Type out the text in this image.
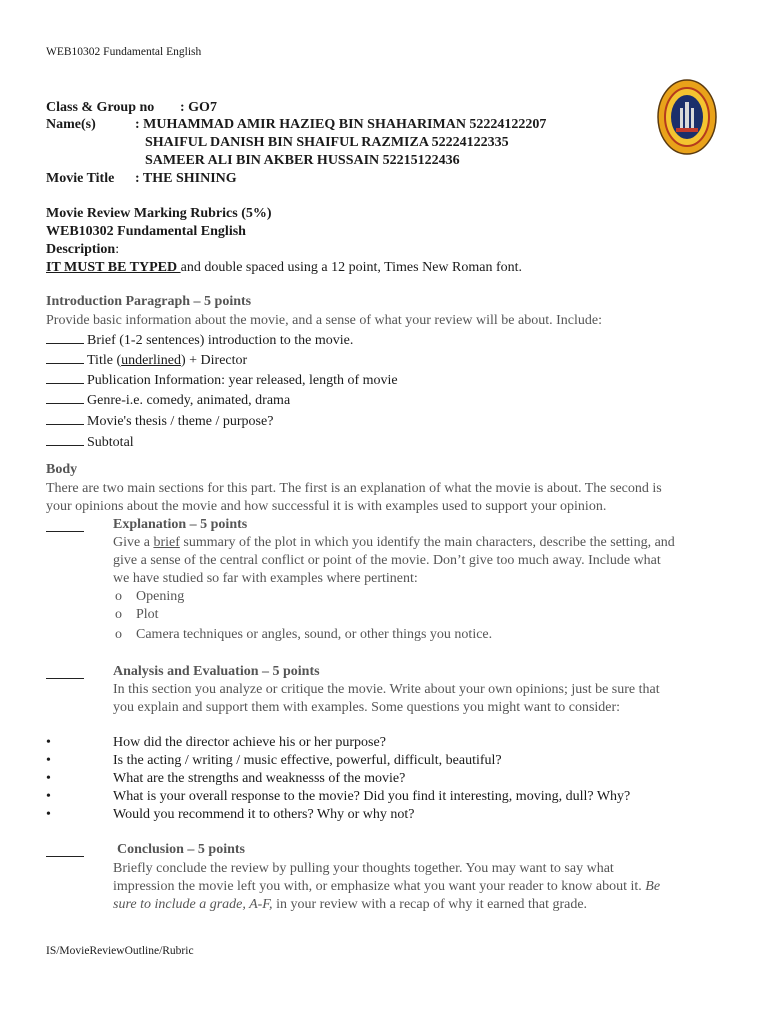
WEB10302 Fundamental English
Class & Group no : GO7
Name(s)	: MUHAMMAD AMIR HAZIEQ BIN SHAHARIMAN 52224122207
SHAIFUL DANISH BIN SHAIFUL RAZMIZA 52224122335
SAMEER ALI BIN AKBER HUSSAIN 52215122436
Movie Title : THE SHINING
Movie Review Marking Rubrics (5%)
WEB10302 Fundamental English
Description:
IT MUST BE TYPED and double spaced using a 12 point, Times New Roman font.
Introduction Paragraph – 5 points
Provide basic information about the movie, and a sense of what your review will be about. Include:
Brief (1-2 sentences) introduction to the movie.
Title (underlined) + Director
Publication Information: year released, length of movie
Genre-i.e. comedy, animated, drama
Movie's thesis / theme / purpose?
Subtotal
Body
There are two main sections for this part. The first is an explanation of what the movie is about. The second is
your opinions about the movie and how successful it is with examples used to support your opinion.
Explanation – 5 points
Give a brief summary of the plot in which you identify the main characters, describe the setting, and
give a sense of the central conflict or point of the movie. Don’t give too much away. Include what
we have studied so far with examples where pertinent:
o Opening
o Plot
o Camera techniques or angles, sound, or other things you notice.
Analysis and Evaluation – 5 points
In this section you analyze or critique the movie. Write about your own opinions; just be sure that
you explain and support them with examples. Some questions you might want to consider:
•	How did the director achieve his or her purpose?
•	Is the acting / writing / music effective, powerful, difficult, beautiful?
•	What are the strengths and weaknesss of the movie?
•	What is your overall response to the movie? Did you find it interesting, moving, dull? Why?
•	Would you recommend it to others? Why or why not?
Conclusion – 5 points
Briefly conclude the review by pulling your thoughts together. You may want to say what
impression the movie left you with, or emphasize what you want your reader to know about it. Be
sure to include a grade, A-F, in your review with a recap of why it earned that grade.
IS/MovieReviewOutline/Rubric
